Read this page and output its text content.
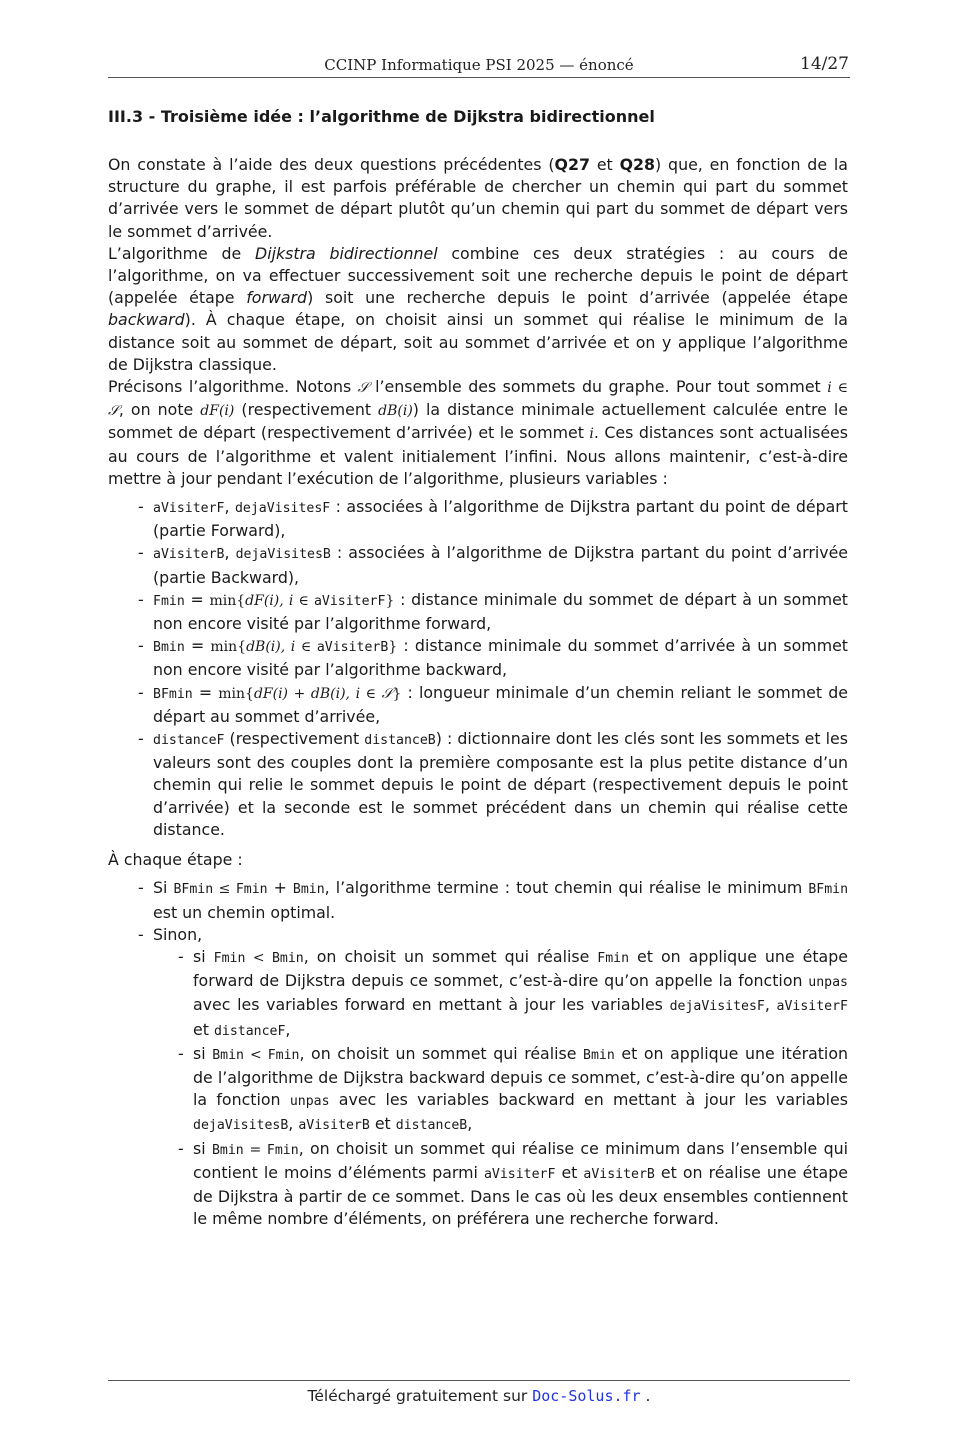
CCINP Informatique PSI 2025 — énoncé	14/27
III.3 - Troisième idée : l’algorithme de Dijkstra bidirectionnel

On constate à l’aide des deux questions précédentes (Q27 et Q28) que, en fonction de la structure du graphe, il est parfois préférable de chercher un chemin qui part du sommet d’arrivée vers le sommet de départ plutôt qu’un chemin qui part du sommet de départ vers le sommet d’arrivée.

L’algorithme de Dijkstra bidirectionnel combine ces deux stratégies : au cours de l’algorithme, on va effectuer successivement soit une recherche depuis le point de départ (appelée étape forward) soit une recherche depuis le point d’arrivée (appelée étape backward). À chaque étape, on choisit ainsi un sommet qui réalise le minimum de la distance soit au sommet de départ, soit au sommet d’arrivée et on y applique l’algorithme de Dijkstra classique.

Précisons l’algorithme. Notons 𝒮 l’ensemble des sommets du graphe. Pour tout sommet i ∈ 𝒮, on note dF(i) (respectivement dB(i)) la distance minimale actuellement calculée entre le sommet de départ (respectivement d’arrivée) et le sommet i. Ces distances sont actualisées au cours de l’algorithme et valent initialement l’infini. Nous allons maintenir, c’est-à-dire mettre à jour pendant l’exécution de l’algorithme, plusieurs variables :

- aVisiterF, dejaVisitesF : associées à l’algorithme de Dijkstra partant du point de départ (partie Forward),
- aVisiterB, dejaVisitesB : associées à l’algorithme de Dijkstra partant du point d’arrivée (partie Backward),
- Fmin = min{dF(i), i ∈ aVisiterF} : distance minimale du sommet de départ à un sommet non encore visité par l’algorithme forward,
- Bmin = min{dB(i), i ∈ aVisiterB} : distance minimale du sommet d’arrivée à un sommet non encore visité par l’algorithme backward,
- BFmin = min{dF(i) + dB(i), i ∈ 𝒮} : longueur minimale d’un chemin reliant le sommet de départ au sommet d’arrivée,
- distanceF (respectivement distanceB) : dictionnaire dont les clés sont les sommets et les valeurs sont des couples dont la première composante est la plus petite distance d’un chemin qui relie le sommet depuis le point de départ (respectivement depuis le point d’arrivée) et la seconde est le sommet précédent dans un chemin qui réalise cette distance.

À chaque étape :

- Si BFmin ≤ Fmin + Bmin, l’algorithme termine : tout chemin qui réalise le minimum BFmin est un chemin optimal.
- Sinon,
- si Fmin < Bmin, on choisit un sommet qui réalise Fmin et on applique une étape forward de Dijkstra depuis ce sommet, c’est-à-dire qu’on appelle la fonction unpas avec les variables forward en mettant à jour les variables dejaVisitesF, aVisiterF et distanceF,
- si Bmin < Fmin, on choisit un sommet qui réalise Bmin et on applique une itération de l’algorithme de Dijkstra backward depuis ce sommet, c’est-à-dire qu’on appelle la fonction unpas avec les variables backward en mettant à jour les variables dejaVisitesB, aVisiterB et distanceB,
- si Bmin = Fmin, on choisit un sommet qui réalise ce minimum dans l’ensemble qui contient le moins d’éléments parmi aVisiterF et aVisiterB et on réalise une étape de Dijkstra à partir de ce sommet. Dans le cas où les deux ensembles contiennent le même nombre d’éléments, on préférera une recherche forward.
Téléchargé gratuitement sur Doc-Solus.fr .
